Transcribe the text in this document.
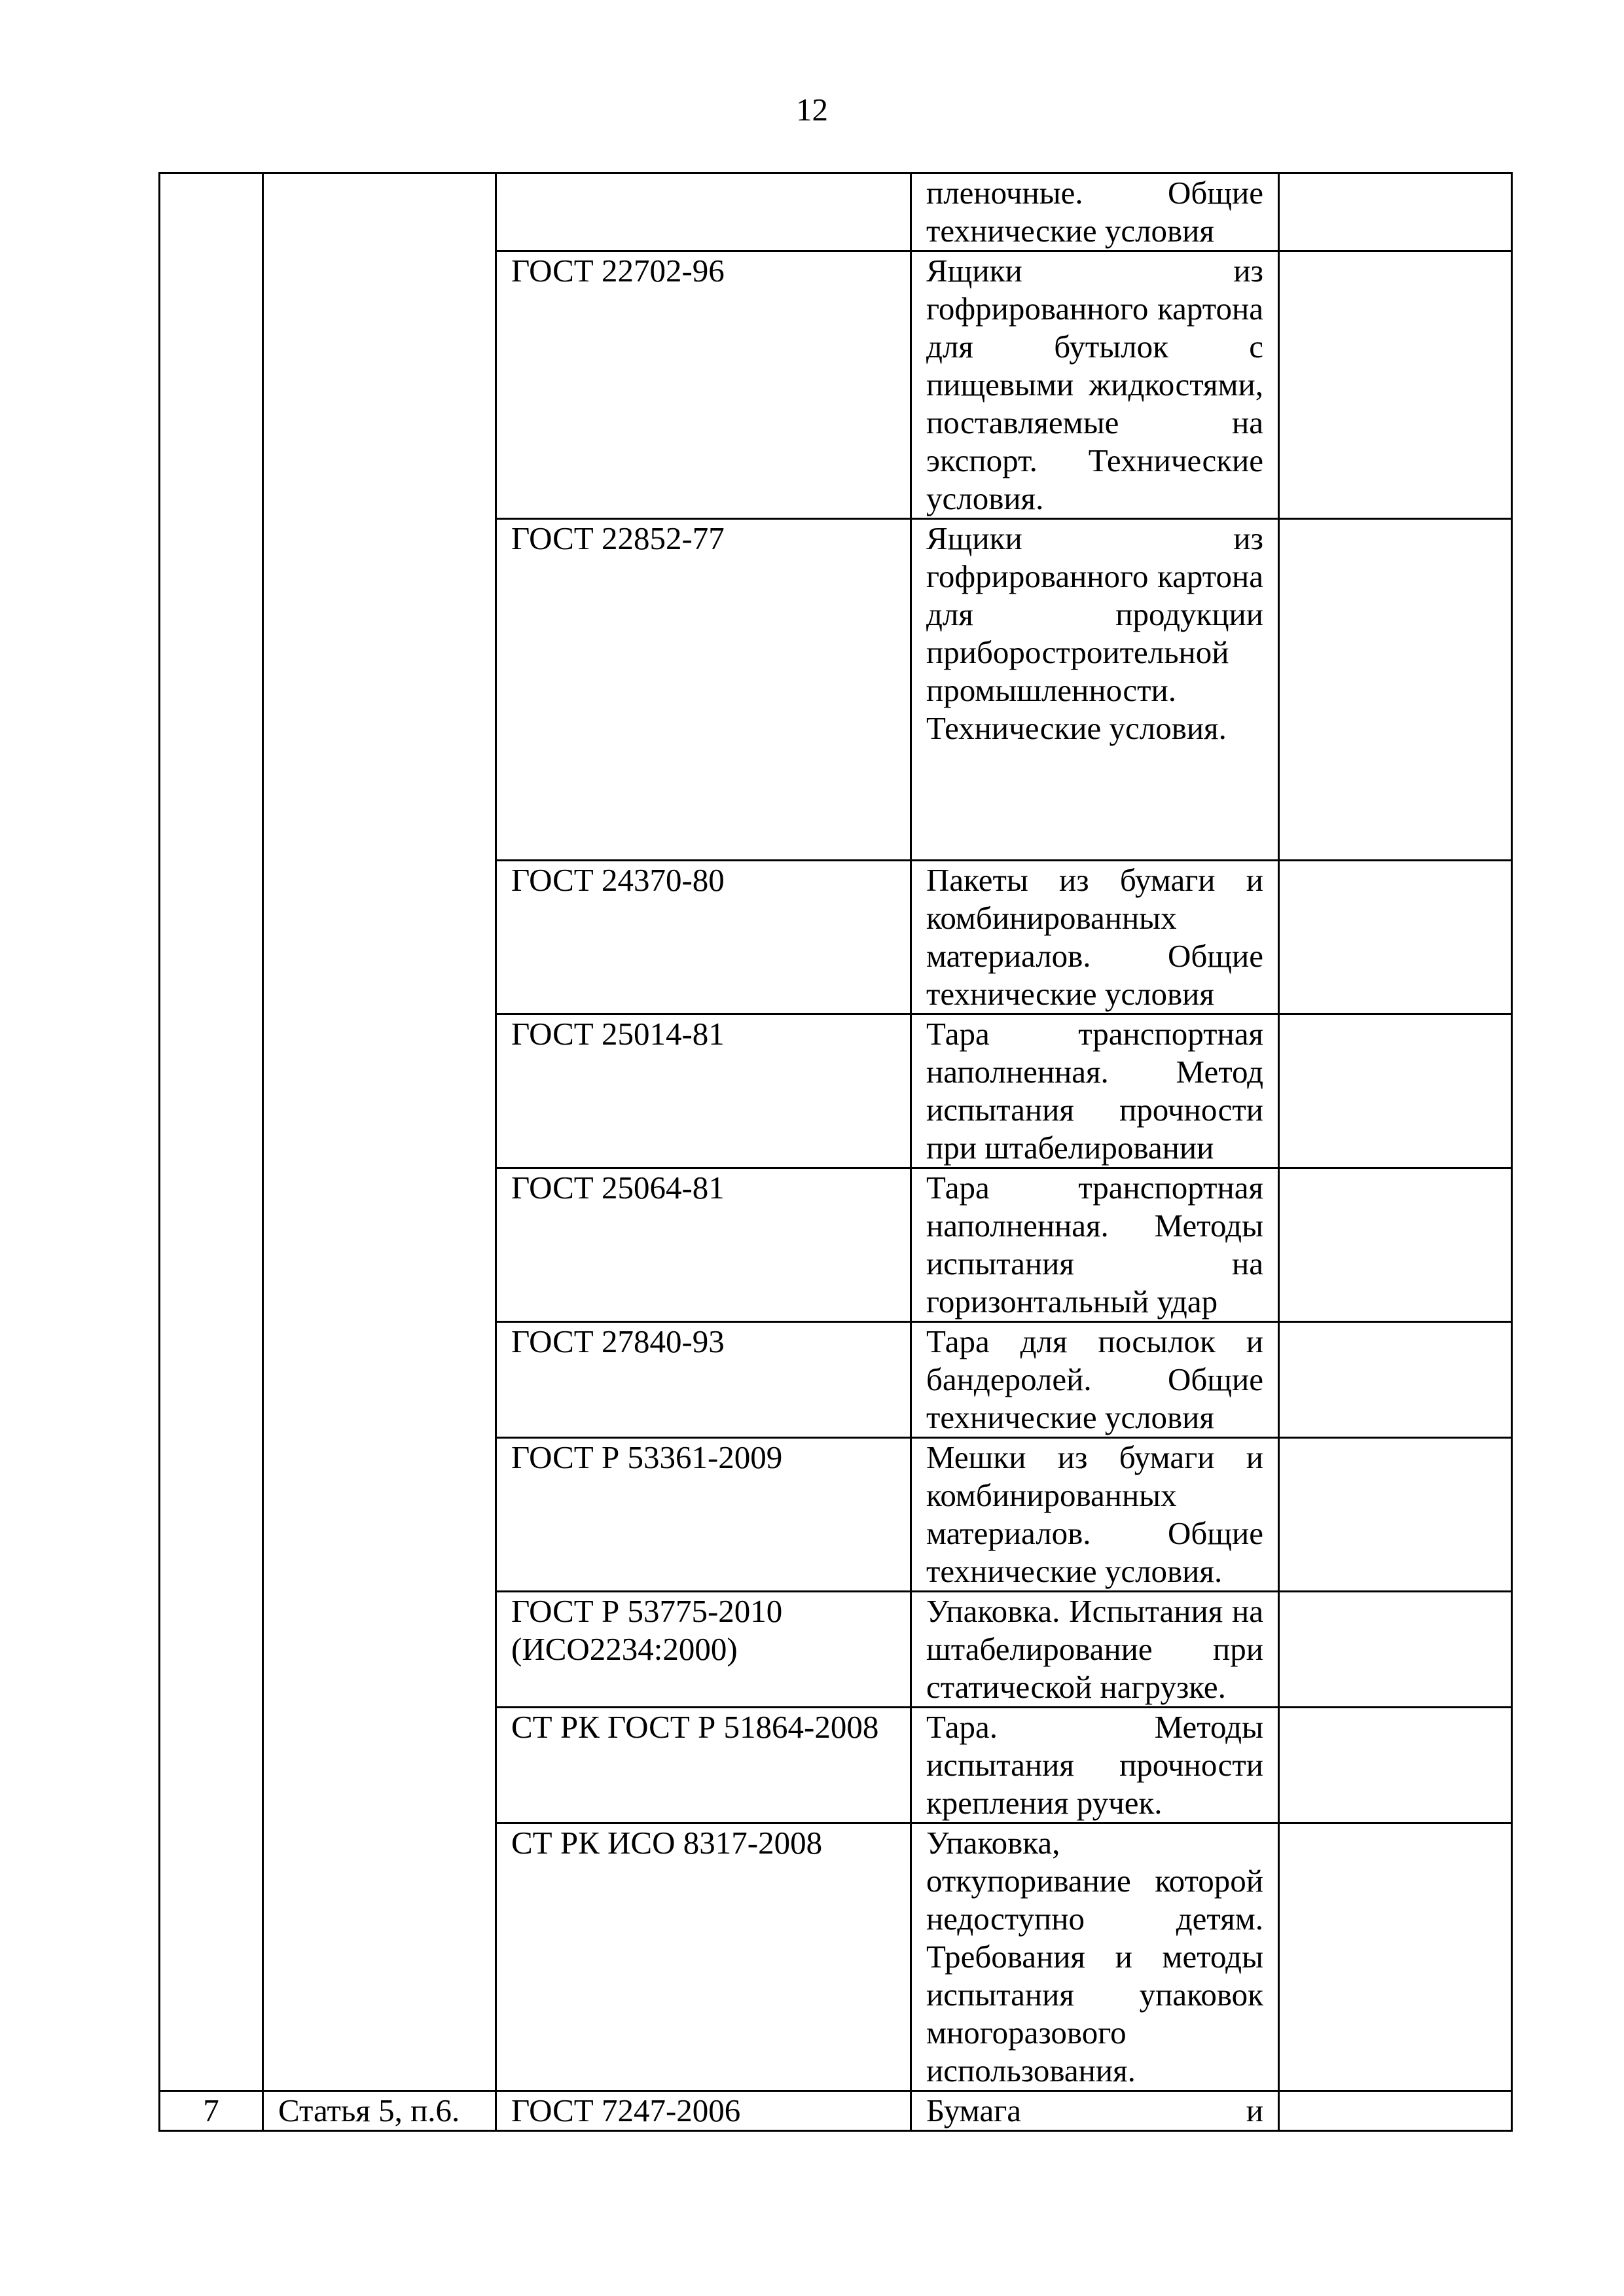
12
			пленочные. Общие технические условия	
		ГОСТ 22702-96	Ящики из гофрированного картона для бутылок с пищевыми жидкостями, поставляемые на экспорт. Технические условия.	
		ГОСТ 22852-77	Ящики из гофрированного картона для продукции приборостроительной промышленности. Технические условия.	
		ГОСТ 24370-80	Пакеты из бумаги и комбинированных материалов. Общие технические условия	
		ГОСТ 25014-81	Тара транспортная наполненная. Метод испытания прочности при штабелировании	
		ГОСТ 25064-81	Тара транспортная наполненная. Методы испытания на горизонтальный удар	
		ГОСТ 27840-93	Тара для посылок и бандеролей. Общие технические условия	
		ГОСТ Р 53361-2009	Мешки из бумаги и комбинированных материалов. Общие технические условия.	
		ГОСТ Р 53775-2010 (ИСО2234:2000)	Упаковка. Испытания на штабелирование при статической нагрузке.	
		СТ РК ГОСТ Р 51864-2008	Тара. Методы испытания прочности крепления ручек.	
		СТ РК ИСО 8317-2008	Упаковка, откупоривание которой недоступно детям. Требования и методы испытания упаковок многоразового использования.	
7	Статья 5, п.6.	ГОСТ 7247-2006	Бумага и	
